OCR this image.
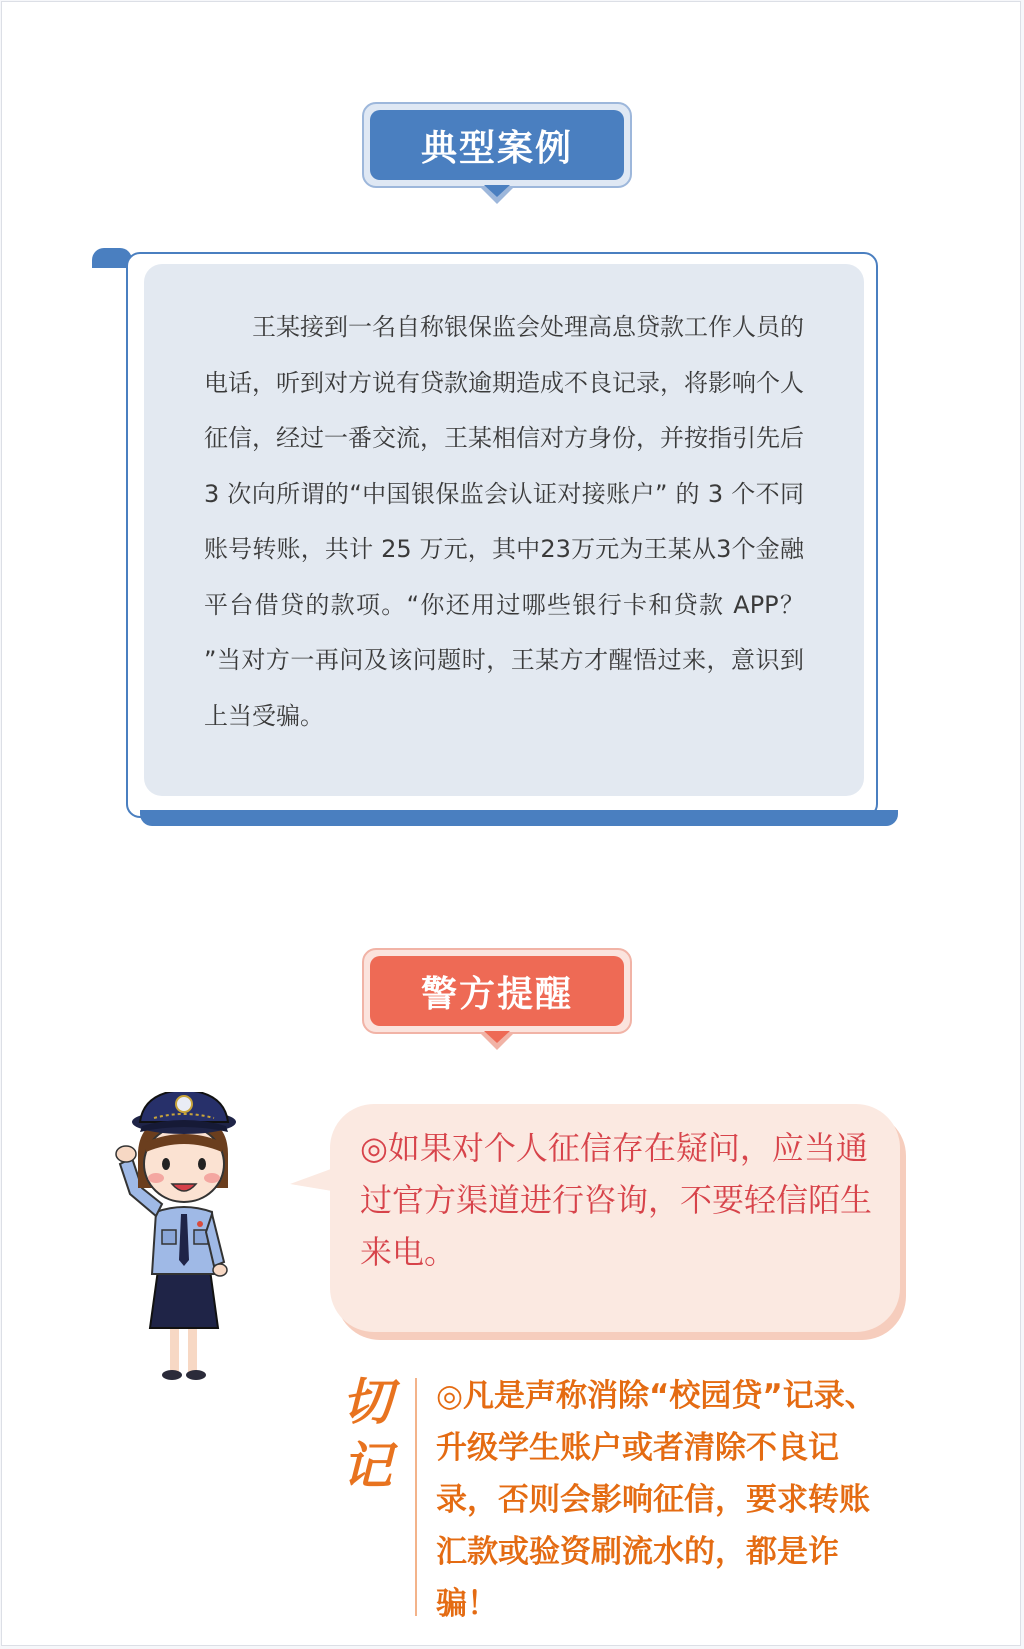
典型案例

王某接到一名自称银保监会处理高息贷款工作人员的电话，听到对方说有贷款逾期造成不良记录，将影响个人征信，经过一番交流，王某相信对方身份，并按指引先后 3 次向所谓的“中国银保监会认证对接账户” 的 3 个不同账号转账，共计 25 万元，其中23万元为王某从3个金融平台借贷的款项。“你还用过哪些银行卡和贷款 APP？ ”当对方一再问及该问题时，王某方才醒悟过来，意识到上当受骗。

警方提醒

◎如果对个人征信存在疑问，应当通过官方渠道进行咨询，不要轻信陌生来电。

切
记

◎凡是声称消除“校园贷”记录、升级学生账户或者清除不良记录，否则会影响征信，要求转账汇款或验资刷流水的，都是诈骗！
